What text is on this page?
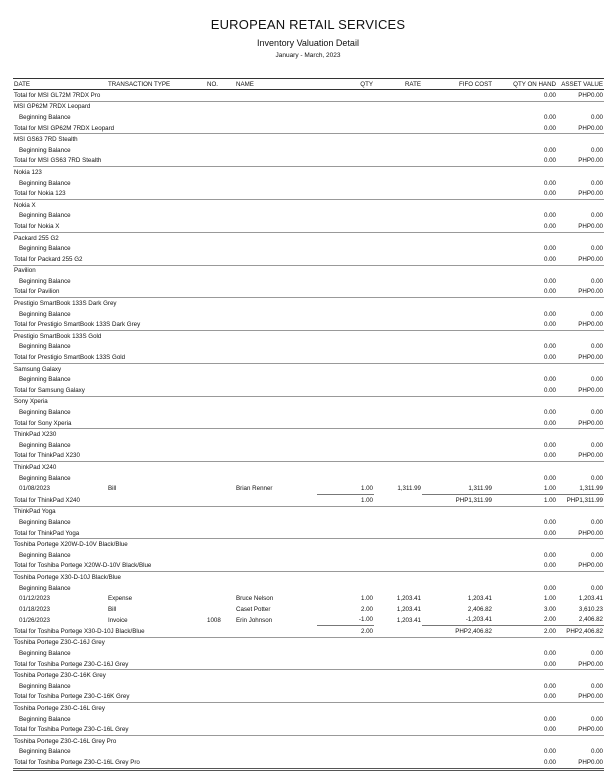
EUROPEAN RETAIL SERVICES
Inventory Valuation Detail
January - March, 2023
DATE	TRANSACTION TYPE	NO.	NAME	QTY	RATE	FIFO COST	QTY ON HAND	ASSET VALUE
Total for MSI GL72M 7RDX Pro							0.00	PHP0.00
MSI GP62M 7RDX Leopard								
Beginning Balance							0.00	0.00
Total for MSI GP62M 7RDX Leopard							0.00	PHP0.00
MSI GS63 7RD Stealth								
Beginning Balance							0.00	0.00
Total for MSI GS63 7RD Stealth							0.00	PHP0.00
Nokia 123								
Beginning Balance							0.00	0.00
Total for Nokia 123							0.00	PHP0.00
Nokia X								
Beginning Balance							0.00	0.00
Total for Nokia X							0.00	PHP0.00
Packard 255 G2								
Beginning Balance							0.00	0.00
Total for Packard 255 G2							0.00	PHP0.00
Pavilion								
Beginning Balance							0.00	0.00
Total for Pavilion							0.00	PHP0.00
Prestigio SmartBook 133S Dark Grey								
Beginning Balance							0.00	0.00
Total for Prestigio SmartBook 133S Dark Grey							0.00	PHP0.00
Prestigio SmartBook 133S Gold								
Beginning Balance							0.00	0.00
Total for Prestigio SmartBook 133S Gold							0.00	PHP0.00
Samsung Galaxy								
Beginning Balance							0.00	0.00
Total for Samsung Galaxy							0.00	PHP0.00
Sony Xperia								
Beginning Balance							0.00	0.00
Total for Sony Xperia							0.00	PHP0.00
ThinkPad X230								
Beginning Balance							0.00	0.00
Total for ThinkPad X230							0.00	PHP0.00
ThinkPad X240								
Beginning Balance							0.00	0.00
01/08/2023	Bill		Brian Renner	1.00	1,311.99	1,311.99	1.00	1,311.99
Total for ThinkPad X240				1.00		PHP1,311.99	1.00	PHP1,311.99
ThinkPad Yoga								
Beginning Balance							0.00	0.00
Total for ThinkPad Yoga							0.00	PHP0.00
Toshiba Portege X20W-D-10V Black/Blue								
Beginning Balance							0.00	0.00
Total for Toshiba Portege X20W-D-10V Black/Blue							0.00	PHP0.00
Toshiba Portege X30-D-10J Black/Blue								
Beginning Balance							0.00	0.00
01/12/2023	Expense		Bruce Nelson	1.00	1,203.41	1,203.41	1.00	1,203.41
01/18/2023	Bill		Caset Potter	2.00	1,203.41	2,406.82	3.00	3,610.23
01/26/2023	Invoice	1008	Erin Johnson	-1.00	1,203.41	-1,203.41	2.00	2,406.82
Total for Toshiba Portege X30-D-10J Black/Blue				2.00		PHP2,406.82	2.00	PHP2,406.82
Toshiba Portege Z30-C-16J Grey								
Beginning Balance							0.00	0.00
Total for Toshiba Portege Z30-C-16J Grey							0.00	PHP0.00
Toshiba Portege Z30-C-16K Grey								
Beginning Balance							0.00	0.00
Total for Toshiba Portege Z30-C-16K Grey							0.00	PHP0.00
Toshiba Portege Z30-C-16L Grey								
Beginning Balance							0.00	0.00
Total for Toshiba Portege Z30-C-16L Grey							0.00	PHP0.00
Toshiba Portege Z30-C-16L Grey Pro								
Beginning Balance							0.00	0.00
Total for Toshiba Portege Z30-C-16L Grey Pro							0.00	PHP0.00
